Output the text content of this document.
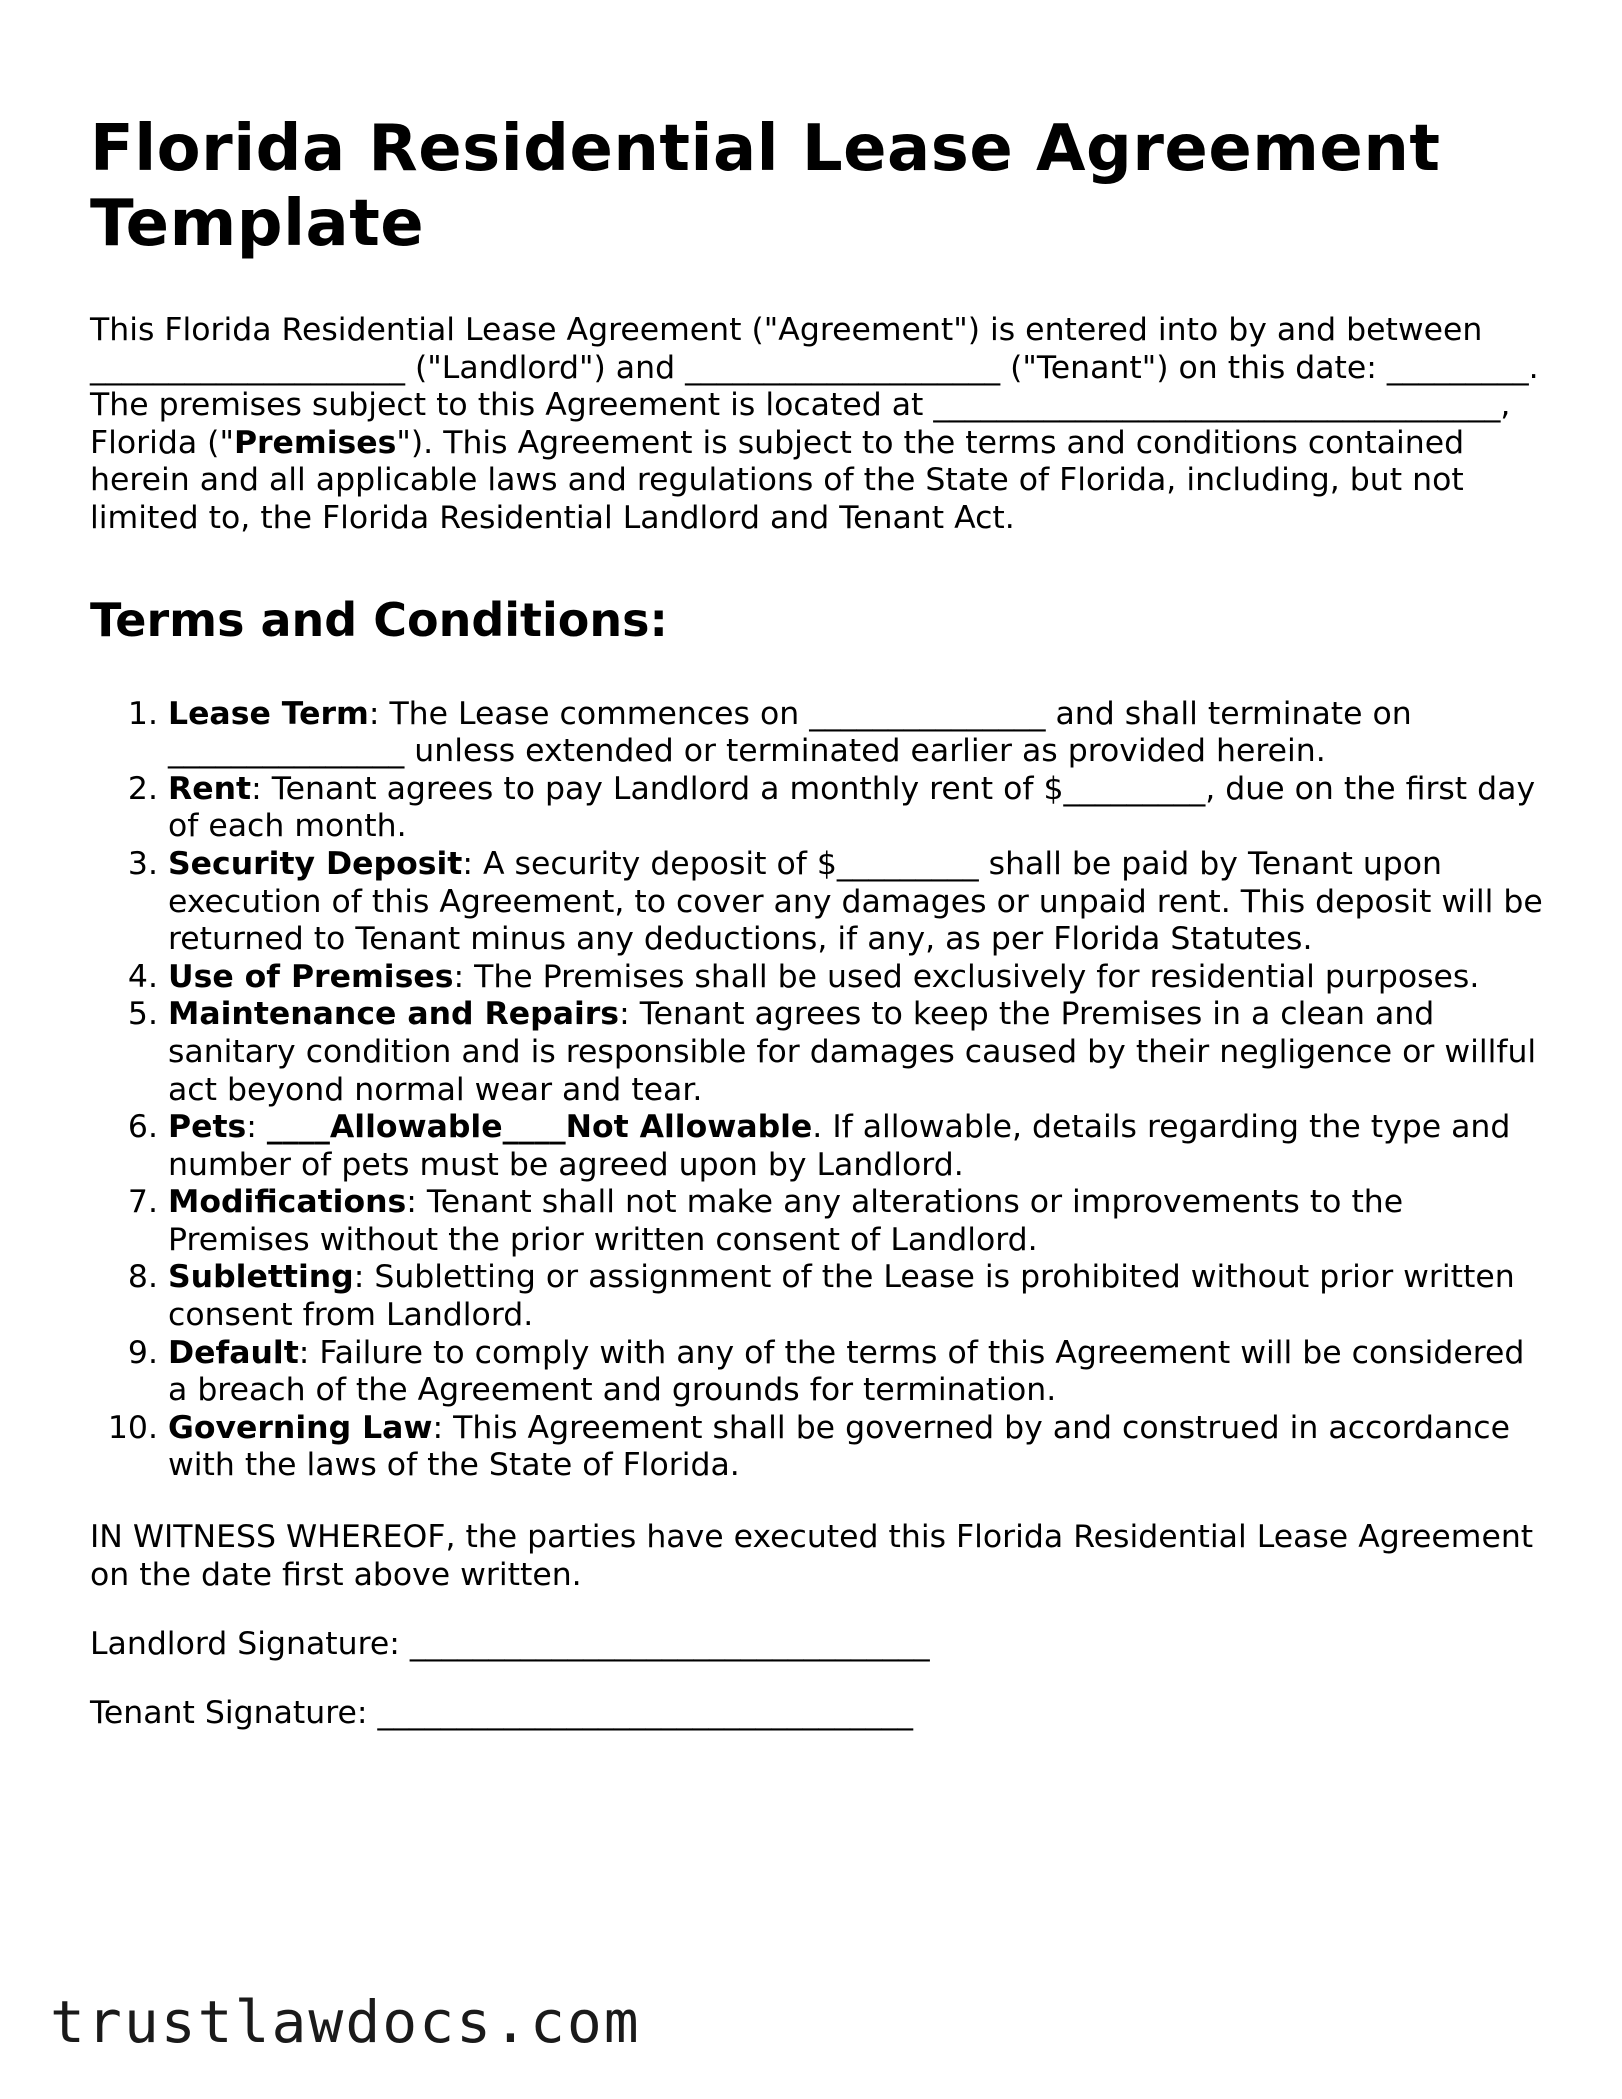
Florida Residential Lease Agreement Template

This Florida Residential Lease Agreement ("Agreement") is entered into by and between ____________________ ("Landlord") and ____________________ ("Tenant") on this date: _________. The premises subject to this Agreement is located at ____________________________________, Florida ("Premises"). This Agreement is subject to the terms and conditions contained herein and all applicable laws and regulations of the State of Florida, including, but not limited to, the Florida Residential Landlord and Tenant Act.

Terms and Conditions:
1. Lease Term: The Lease commences on _______________ and shall terminate on _______________ unless extended or terminated earlier as provided herein.
2. Rent: Tenant agrees to pay Landlord a monthly rent of $_________, due on the first day of each month.
3. Security Deposit: A security deposit of $_________ shall be paid by Tenant upon execution of this Agreement, to cover any damages or unpaid rent. This deposit will be returned to Tenant minus any deductions, if any, as per Florida Statutes.
4. Use of Premises: The Premises shall be used exclusively for residential purposes.
5. Maintenance and Repairs: Tenant agrees to keep the Premises in a clean and sanitary condition and is responsible for damages caused by their negligence or willful act beyond normal wear and tear.
6. Pets: ____Allowable____Not Allowable. If allowable, details regarding the type and number of pets must be agreed upon by Landlord.
7. Modifications: Tenant shall not make any alterations or improvements to the Premises without the prior written consent of Landlord.
8. Subletting: Subletting or assignment of the Lease is prohibited without prior written consent from Landlord.
9. Default: Failure to comply with any of the terms of this Agreement will be considered a breach of the Agreement and grounds for termination.
10. Governing Law: This Agreement shall be governed by and construed in accordance with the laws of the State of Florida.

IN WITNESS WHEREOF, the parties have executed this Florida Residential Lease Agreement on the date first above written.

Landlord Signature: _________________________________

Tenant Signature: __________________________________

trustlawdocs.com
